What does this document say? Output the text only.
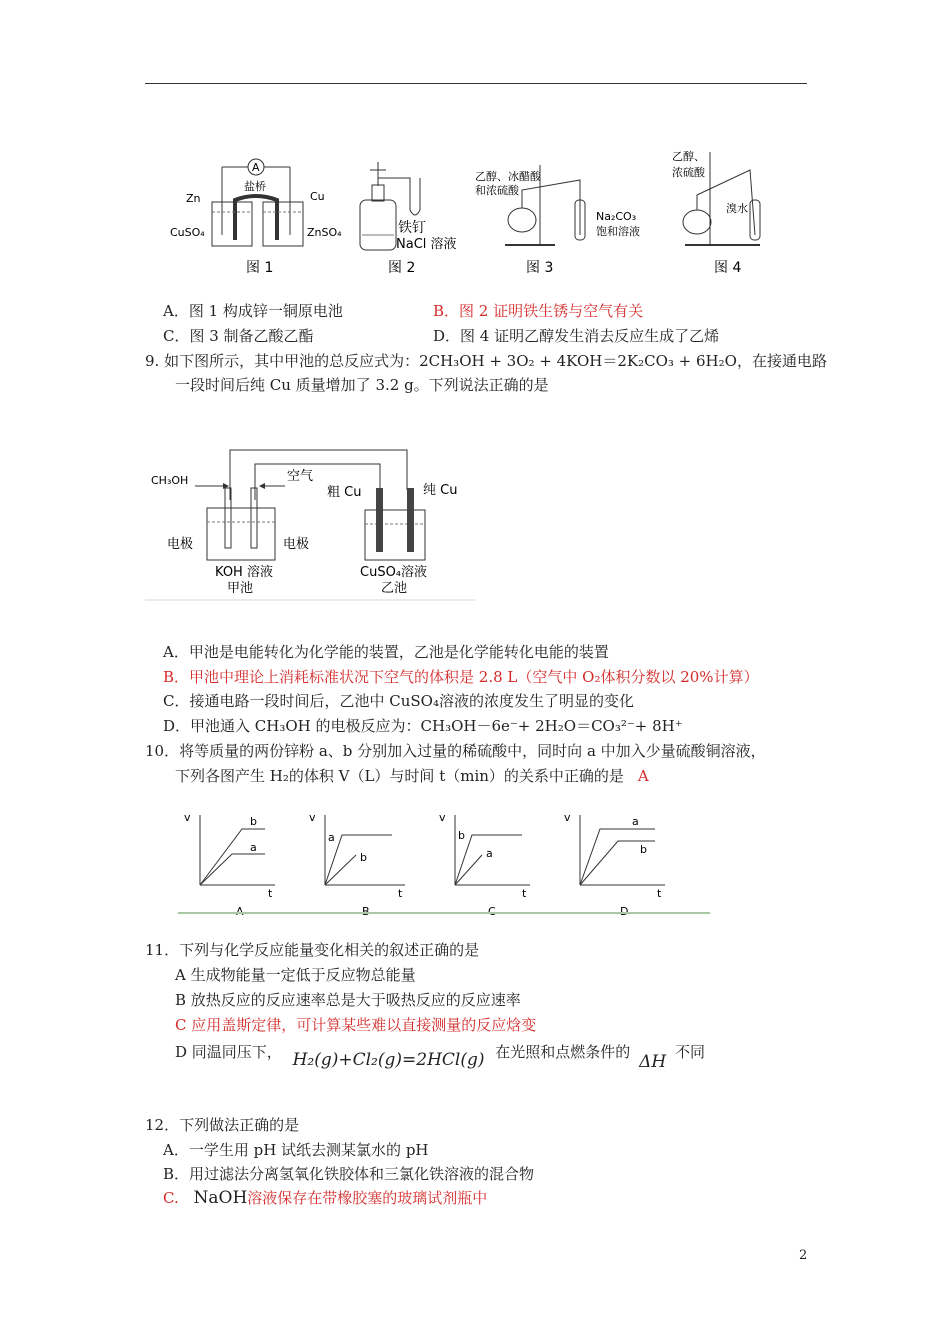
A
盐桥
Zn	Cu
CuSO₄	ZnSO₄
图 1
铁钉
NaCl 溶液
图 2
乙醇、冰醋酸
和浓硫酸
Na₂CO₃
饱和溶液
图 3
乙醇、
浓硫酸
溴水
图 4
A．图 1 构成锌一铜原电池	B．图 2 证明铁生锈与空气有关
C．图 3 制备乙酸乙酯	D．图 4 证明乙醇发生消去反应生成了乙烯
9. 如下图所示，其中甲池的总反应式为：2CH₃OH + 3O₂ + 4KOH＝2K₂CO₃ + 6H₂O，在接通电路
一段时间后纯 Cu 质量增加了 3.2 g。下列说法正确的是
CH₃OH	空气
电极	电极
KOH 溶液
甲池
粗 Cu	纯 Cu
CuSO₄溶液
乙池
A．甲池是电能转化为化学能的装置，乙池是化学能转化电能的装置
B．甲池中理论上消耗标准状况下空气的体积是 2.8 L（空气中 O₂体积分数以 20%计算）
C．接通电路一段时间后，乙池中 CuSO₄溶液的浓度发生了明显的变化
D．甲池通入 CH₃OH 的电极反应为：CH₃OH－6e⁻+ 2H₂O＝CO₃²⁻+ 8H⁺
10．将等质量的两份锌粉 a、b 分别加入过量的稀硫酸中，同时向 a 中加入少量硫酸铜溶液，
下列各图产生 H₂的体积 V（L）与时间 t（min）的关系中正确的是 A
v
t
b
a
A
v
t
a
b
B
v
t
b
a
C
v
t
a
b
D
11．下列与化学反应能量变化相关的叙述正确的是
A 生成物能量一定低于反应物总能量
B 放热反应的反应速率总是大于吸热反应的反应速率
C 应用盖斯定律，可计算某些难以直接测量的反应焓变
D 同温同压下， H₂(g)+Cl₂(g)=2HCl(g) 在光照和点燃条件的 ΔH 不同
12．下列做法正确的是
A．一学生用 pH 试纸去测某氯水的 pH
B．用过滤法分离氢氧化铁胶体和三氯化铁溶液的混合物
C. NaOH溶液保存在带橡胶塞的玻璃试剂瓶中
2
